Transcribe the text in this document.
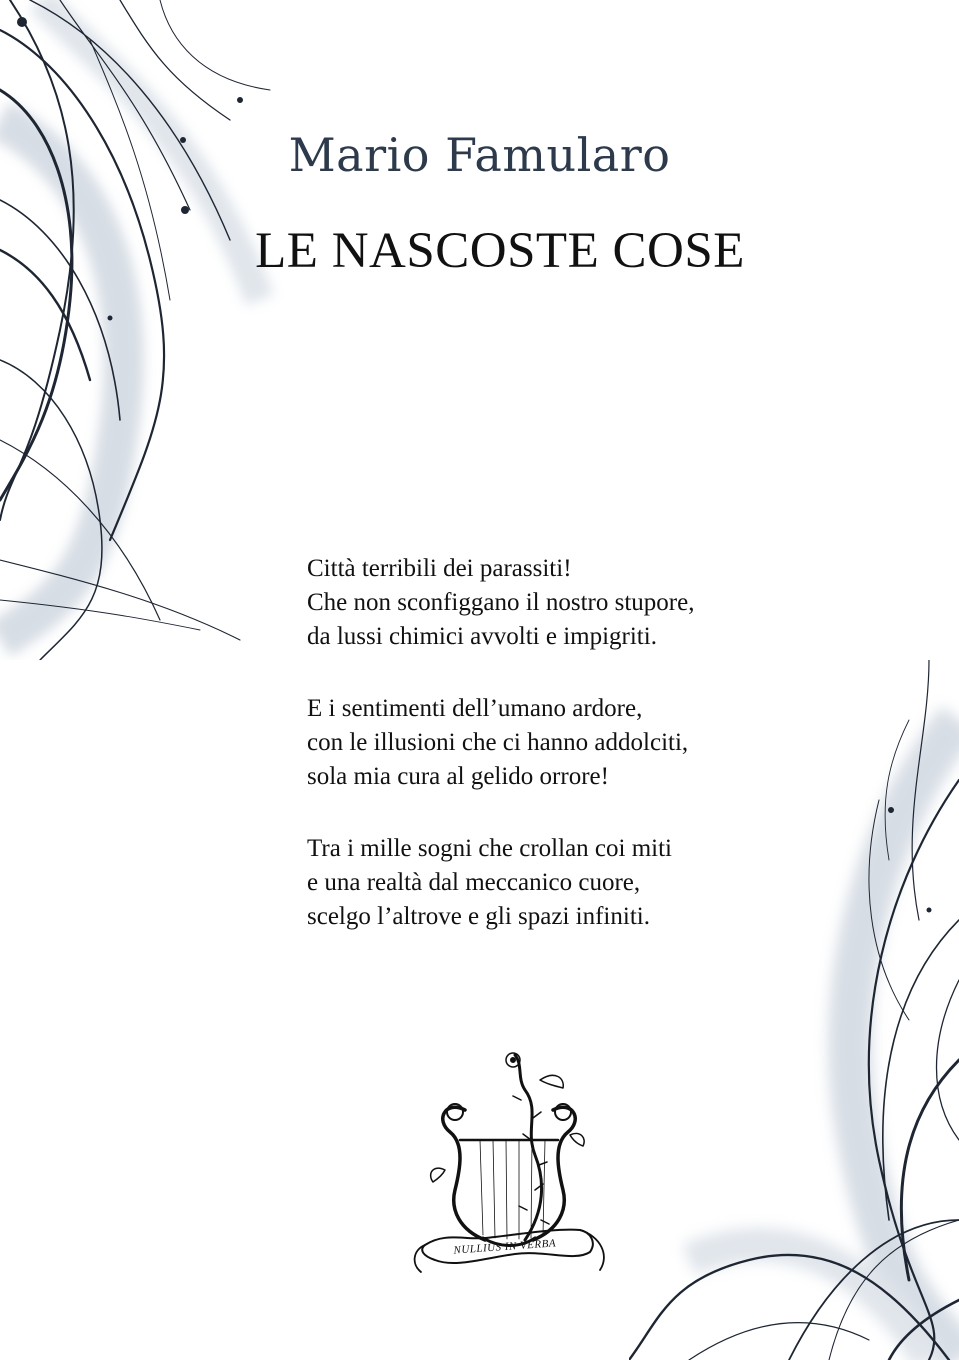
Mario Famularo
LE NASCOSTE COSE
Città terribili dei parassiti!
Che non sconfiggano il nostro stupore,
da lussi chimici avvolti e impigriti.
E i sentimenti dell’umano ardore,
con le illusioni che ci hanno addolciti,
sola mia cura al gelido orrore!
Tra i mille sogni che crollan coi miti
e una realtà dal meccanico cuore,
scelgo l’altrove e gli spazi infiniti.
NULLIUS IN VERBA
